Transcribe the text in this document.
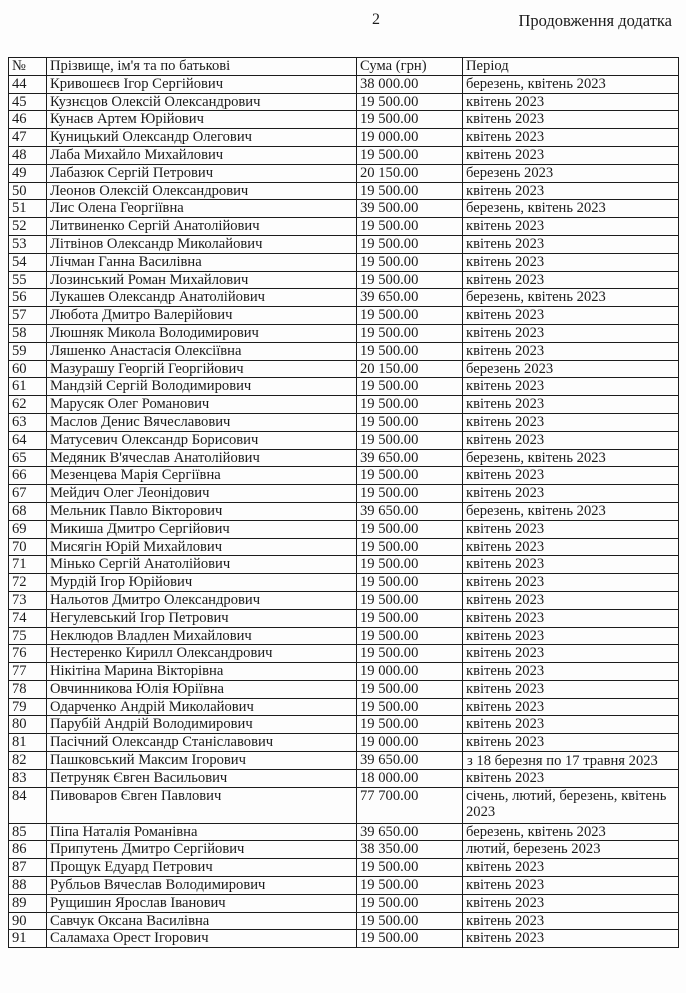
2	Продовження додатка
№	Прізвище, ім'я та по батькові	Сума (грн)	Період
44	Кривошеєв Ігор Сергійович	38 000.00	березень, квітень 2023
45	Кузнєцов Олексій Олександрович	19 500.00	квітень 2023
46	Кунаєв Артем Юрійович	19 500.00	квітень 2023
47	Куницький Олександр Олегович	19 000.00	квітень 2023
48	Лаба Михайло Михайлович	19 500.00	квітень 2023
49	Лабазюк Сергій Петрович	20 150.00	березень 2023
50	Леонов Олексій Олександрович	19 500.00	квітень 2023
51	Лис Олена Георгіївна	39 500.00	березень, квітень 2023
52	Литвиненко Сергій Анатолійович	19 500.00	квітень 2023
53	Літвінов Олександр Миколайович	19 500.00	квітень 2023
54	Лічман Ганна Василівна	19 500.00	квітень 2023
55	Лозинський Роман Михайлович	19 500.00	квітень 2023
56	Лукашев Олександр Анатолійович	39 650.00	березень, квітень 2023
57	Любота Дмитро Валерійович	19 500.00	квітень 2023
58	Люшняк Микола Володимирович	19 500.00	квітень 2023
59	Ляшенко Анастасія Олексіївна	19 500.00	квітень 2023
60	Мазурашу Георгій Георгійович	20 150.00	березень 2023
61	Мандзій Сергій Володимирович	19 500.00	квітень 2023
62	Марусяк Олег Романович	19 500.00	квітень 2023
63	Маслов Денис Вячеславович	19 500.00	квітень 2023
64	Матусевич Олександр Борисович	19 500.00	квітень 2023
65	Медяник В'ячеслав Анатолійович	39 650.00	березень, квітень 2023
66	Мезенцева Марія Сергіївна	19 500.00	квітень 2023
67	Мейдич Олег Леонідович	19 500.00	квітень 2023
68	Мельник Павло Вікторович	39 650.00	березень, квітень 2023
69	Микиша Дмитро Сергійович	19 500.00	квітень 2023
70	Мисягін Юрій Михайлович	19 500.00	квітень 2023
71	Мінько Сергій Анатолійович	19 500.00	квітень 2023
72	Мурдій Ігор Юрійович	19 500.00	квітень 2023
73	Нальотов Дмитро Олександрович	19 500.00	квітень 2023
74	Негулевський Ігор Петрович	19 500.00	квітень 2023
75	Неклюдов Владлен Михайлович	19 500.00	квітень 2023
76	Нестеренко Кирилл Олександрович	19 500.00	квітень 2023
77	Нікітіна Марина Вікторівна	19 000.00	квітень 2023
78	Овчинникова Юлія Юріївна	19 500.00	квітень 2023
79	Одарченко Андрій Миколайович	19 500.00	квітень 2023
80	Парубій Андрій Володимирович	19 500.00	квітень 2023
81	Пасічний Олександр Станіславович	19 000.00	квітень 2023
82	Пашковський Максим Ігорович	39 650.00	з 18 березня по 17 травня 2023

83	Петруняк Євген Васильович	18 000.00	квітень 2023
84	Пивоваров Євген Павлович	77 700.00	січень, лютий, березень, квітень 2023
85	Піпа Наталія Романівна	39 650.00	березень, квітень 2023
86	Припутень Дмитро Сергійович	38 350.00	лютий, березень 2023
87	Прощук Едуард Петрович	19 500.00	квітень 2023
88	Рубльов Вячеслав Володимирович	19 500.00	квітень 2023
89	Рущишин Ярослав Іванович	19 500.00	квітень 2023
90	Савчук Оксана Василівна	19 500.00	квітень 2023
91	Саламаха Орест Ігорович	19 500.00	квітень 2023
